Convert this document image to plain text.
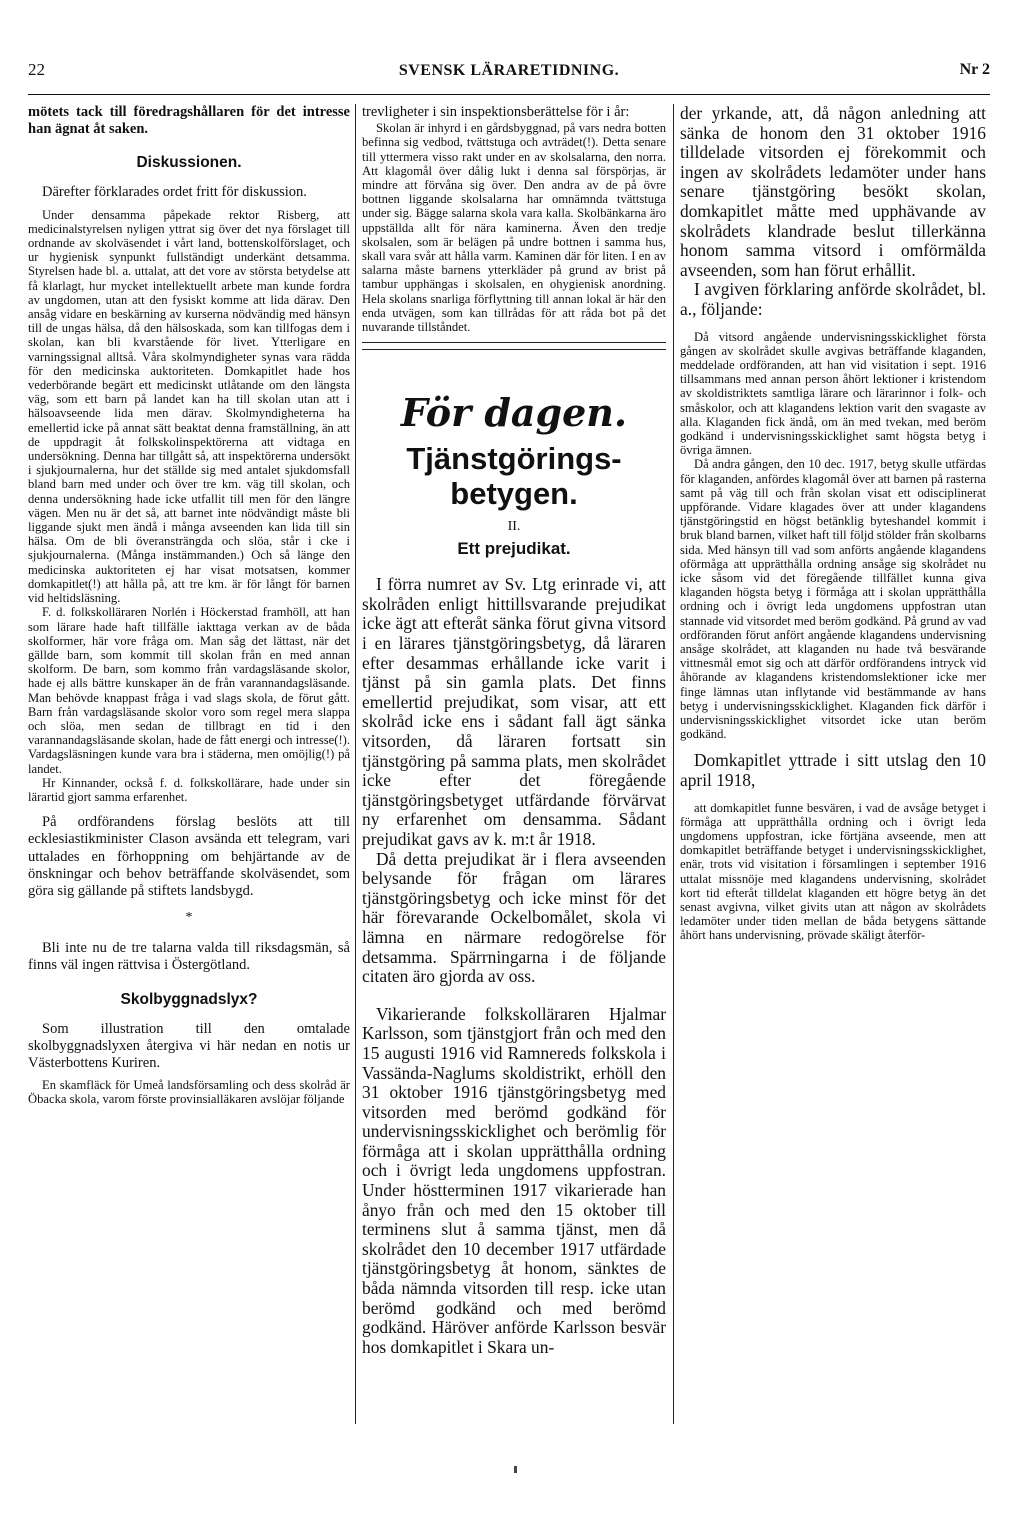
22	SVENSK LÄRARETIDNING.	Nr 2

mötets tack till föredragshållaren för det intresse han ägnat åt saken.

Diskussionen.

Därefter förklarades ordet fritt för diskussion.

Under densamma påpekade rektor Risberg, att medicinalstyrelsen nyligen yttrat sig över det nya förslaget till ordnande av skolväsendet i vårt land, bottenskolförslaget, och ur hygienisk synpunkt fullständigt underkänt detsamma. Styrelsen hade bl. a. uttalat, att det vore av största betydelse att få klarlagt, hur mycket intellektuellt arbete man kunde fordra av ungdomen, utan att den fysiskt komme att lida därav. Den ansåg vidare en beskärning av kurserna nödvändig med hänsyn till de ungas hälsa, då den hälsoskada, som kan tillfogas dem i skolan, kan bli kvarstående för livet. Ytterligare en varningssignal alltså. Våra skolmyndigheter synas vara rädda för den medicinska auktoriteten. Domkapitlet hade hos vederbörande begärt ett medicinskt utlåtande om den längsta väg, som ett barn på landet kan ha till skolan utan att i hälsoavseende lida men därav. Skolmyndigheterna ha emellertid icke på annat sätt beaktat denna framställning, än att de uppdragit åt folkskolinspektörerna att vidtaga en undersökning. Denna har tillgått så, att inspektörerna undersökt i sjukjournalerna, hur det ställde sig med antalet sjukdomsfall bland barn med under och över tre km. väg till skolan, och denna undersökning hade icke utfallit till men för den längre vägen. Men nu är det så, att barnet inte nödvändigt måste bli liggande sjukt men ändå i många avseenden kan lida till sin hälsa. Om de bli överansträngda och slöa, står i cke i sjukjournalerna. (Många instämmanden.) Och så länge den medicinska auktoriteten ej har visat motsatsen, kommer domkapitlet(!) att hålla på, att tre km. är för långt för barnen vid heltidsläsning.

F. d. folkskolläraren Norlén i Höckerstad framhöll, att han som lärare hade haft tillfälle iakttaga verkan av de båda skolformer, här vore fråga om. Man såg det lättast, när det gällde barn, som kommit till skolan från en med annan skolform. De barn, som kommo från vardagsläsande skolor, hade ej alls bättre kunskaper än de från varannandagsläsande. Man behövde knappast fråga i vad slags skola, de förut gått. Barn från vardagsläsande skolor voro som regel mera slappa och slöa, men sedan de tillbragt en tid i den varannandagsläsande skolan, hade de fått energi och intresse(!). Vardagsläsningen kunde vara bra i städerna, men omöjlig(!) på landet.

Hr Kinnander, också f. d. folkskollärare, hade under sin lärartid gjort samma erfarenhet.

På ordförandens förslag beslöts att till ecklesiastikminister Clason avsända ett telegram, vari uttalades en förhoppning om behjärtande av de önskningar och behov beträffande skolväsendet, som göra sig gällande på stiftets landsbygd.

*

Bli inte nu de tre talarna valda till riksdagsmän, så finns väl ingen rättvisa i Östergötland.

Skolbyggnadslyx?

Som illustration till den omtalade skolbyggnadslyxen återgiva vi här nedan en notis ur Västerbottens Kuriren.

En skamfläck för Umeå landsförsamling och dess skolråd är Öbacka skola, varom förste provinsialläkaren avslöjar följande

trevligheter i sin inspektionsberättelse för i år:

Skolan är inhyrd i en gårdsbyggnad, på vars nedra botten befinna sig vedbod, tvättstuga och avträdet(!). Detta senare till yttermera visso rakt under en av skolsalarna, den norra. Att klagomål över dålig lukt i denna sal förspörjas, är mindre att förvåna sig över. Den andra av de på övre bottnen liggande skolsalarna har omnämnda tvättstuga under sig. Bägge salarna skola vara kalla. Skolbänkarna äro uppställda allt för nära kaminerna. Även den tredje skolsalen, som är belägen på undre bottnen i samma hus, skall vara svår att hålla varm. Kaminen där för liten. I en av salarna måste barnens ytterkläder på grund av brist på tambur upphängas i skolsalen, en ohygienisk anordning. Hela skolans snarliga förflyttning till annan lokal är här den enda utvägen, som kan tillrådas för att råda bot på det nuvarande tillståndet.

För dagen.
Tjänstgörings-betygen.
II.
Ett prejudikat.

I förra numret av Sv. Ltg erinrade vi, att skolråden enligt hittillsvarande prejudikat icke ägt att efteråt sänka förut givna vitsord i en lärares tjänstgöringsbetyg, då läraren efter desammas erhållande icke varit i tjänst på sin gamla plats. Det finns emellertid prejudikat, som visar, att ett skolråd icke ens i sådant fall ägt sänka vitsorden, då läraren fortsatt sin tjänstgöring på samma plats, men skolrådet icke efter det föregående tjänstgöringsbetyget utfärdande förvärvat ny erfarenhet om densamma. Sådant prejudikat gavs av k. m:t år 1918.

Då detta prejudikat är i flera avseenden belysande för frågan om lärares tjänstgöringsbetyg och icke minst för det här förevarande Ockelbomålet, skola vi lämna en närmare redogörelse för detsamma. Spärrningarna i de följande citaten äro gjorda av oss.

Vikarierande folkskolläraren Hjalmar Karlsson, som tjänstgjort från och med den 15 augusti 1916 vid Ramnereds folkskola i Vassända-Naglums skoldistrikt, erhöll den 31 oktober 1916 tjänstgöringsbetyg med vitsorden med berömd godkänd för undervisningsskicklighet och berömlig för förmåga att i skolan upprätthålla ordning och i övrigt leda ungdomens uppfostran. Under höstterminen 1917 vikarierade han ånyo från och med den 15 oktober till terminens slut å samma tjänst, men då skolrådet den 10 december 1917 utfärdade tjänstgöringsbetyg åt honom, sänktes de båda nämnda vitsorden till resp. icke utan berömd godkänd och med berömd godkänd. Häröver anförde Karlsson besvär hos domkapitlet i Skara un-

der yrkande, att, då någon anledning att sänka de honom den 31 oktober 1916 tilldelade vitsorden ej förekommit och ingen av skolrådets ledamöter under hans senare tjänstgöring besökt skolan, domkapitlet måtte med upphävande av skolrådets klandrade beslut tillerkänna honom samma vitsord i omförmälda avseenden, som han förut erhållit.

I avgiven förklaring anförde skolrådet, bl. a., följande:

Då vitsord angående undervisningsskicklighet första gången av skolrådet skulle avgivas beträffande klaganden, meddelade ordföranden, att han vid visitation i sept. 1916 tillsammans med annan person åhört lektioner i kristendom av skoldistriktets samtliga lärare och lärarinnor i folk- och småskolor, och att klagandens lektion varit den svagaste av alla. Klaganden fick ändå, om än med tvekan, med beröm godkänd i undervisningsskicklighet samt högsta betyg i övriga ämnen.

Då andra gången, den 10 dec. 1917, betyg skulle utfärdas för klaganden, anfördes klagomål över att barnen på rasterna samt på väg till och från skolan visat ett odisciplinerat uppförande. Vidare klagades över att under klagandens tjänstgöringstid en högst betänklig byteshandel kommit i bruk bland barnen, vilket haft till följd stölder från skolbarns sida. Med hänsyn till vad som anförts angående klagandens oförmåga att upprätthålla ordning ansåge sig skolrådet nu icke såsom vid det föregående tillfället kunna giva klaganden högsta betyg i förmåga att i skolan upprätthålla ordning och i övrigt leda ungdomens uppfostran utan stannade vid vitsordet med beröm godkänd. På grund av vad ordföranden förut anfört angående klagandens undervisning ansåge skolrådet, att klaganden nu hade två besvärande vittnesmål emot sig och att därför ordförandens intryck vid åhörande av klagandens kristendomslektioner icke mer finge lämnas utan inflytande vid bestämmande av hans betyg i undervisningsskicklighet. Klaganden fick därför i undervisningsskicklighet vitsordet icke utan beröm godkänd.

Domkapitlet yttrade i sitt utslag den 10 april 1918,

att domkapitlet funne besvären, i vad de avsåge betyget i förmåga att upprätthålla ordning och i övrigt leda ungdomens uppfostran, icke förtjäna avseende, men att domkapitlet beträffande betyget i undervisningsskicklighet, enär, trots vid visitation i församlingen i september 1916 uttalat missnöje med klagandens undervisning, skolrådet kort tid efteråt tilldelat klaganden ett högre betyg än det senast avgivna, vilket givits utan att någon av skolrådets ledamöter under tiden mellan de båda betygens sättande åhört hans undervisning, prövade skäligt återför-
